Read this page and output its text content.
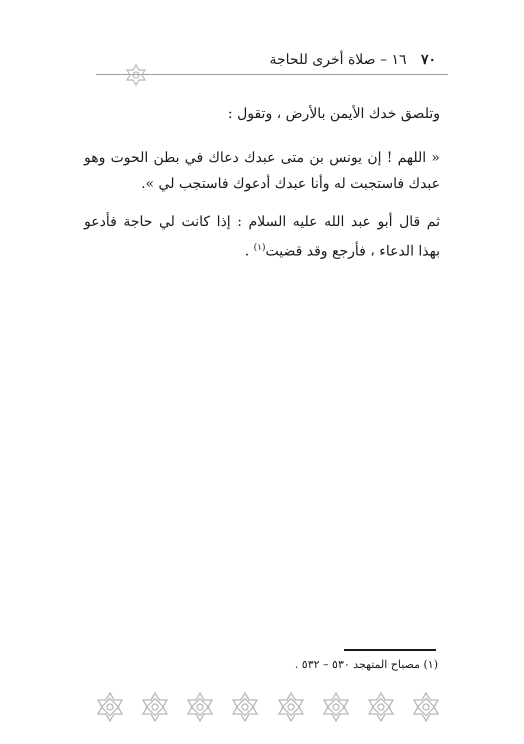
٧٠ ١٦ – صلاة أخرى للحاجة
وتلصق خدك الأيمن بالأرض ، وتقول :
« اللهم ! إن يونس بن متى عبدك دعاك في بطن الحوت وهو عبدك فاستجبت له وأنا عبدك أدعوك فاستجب لي ».
ثم قال أبو عبد الله عليه السلام : إذا كانت لي حاجة فأدعو بهذا الدعاء ، فأرجع وقد قضيت$^{(١)}$ .
(١) مصباح المتهجد ٥٣٠ – ٥٣٢ .
